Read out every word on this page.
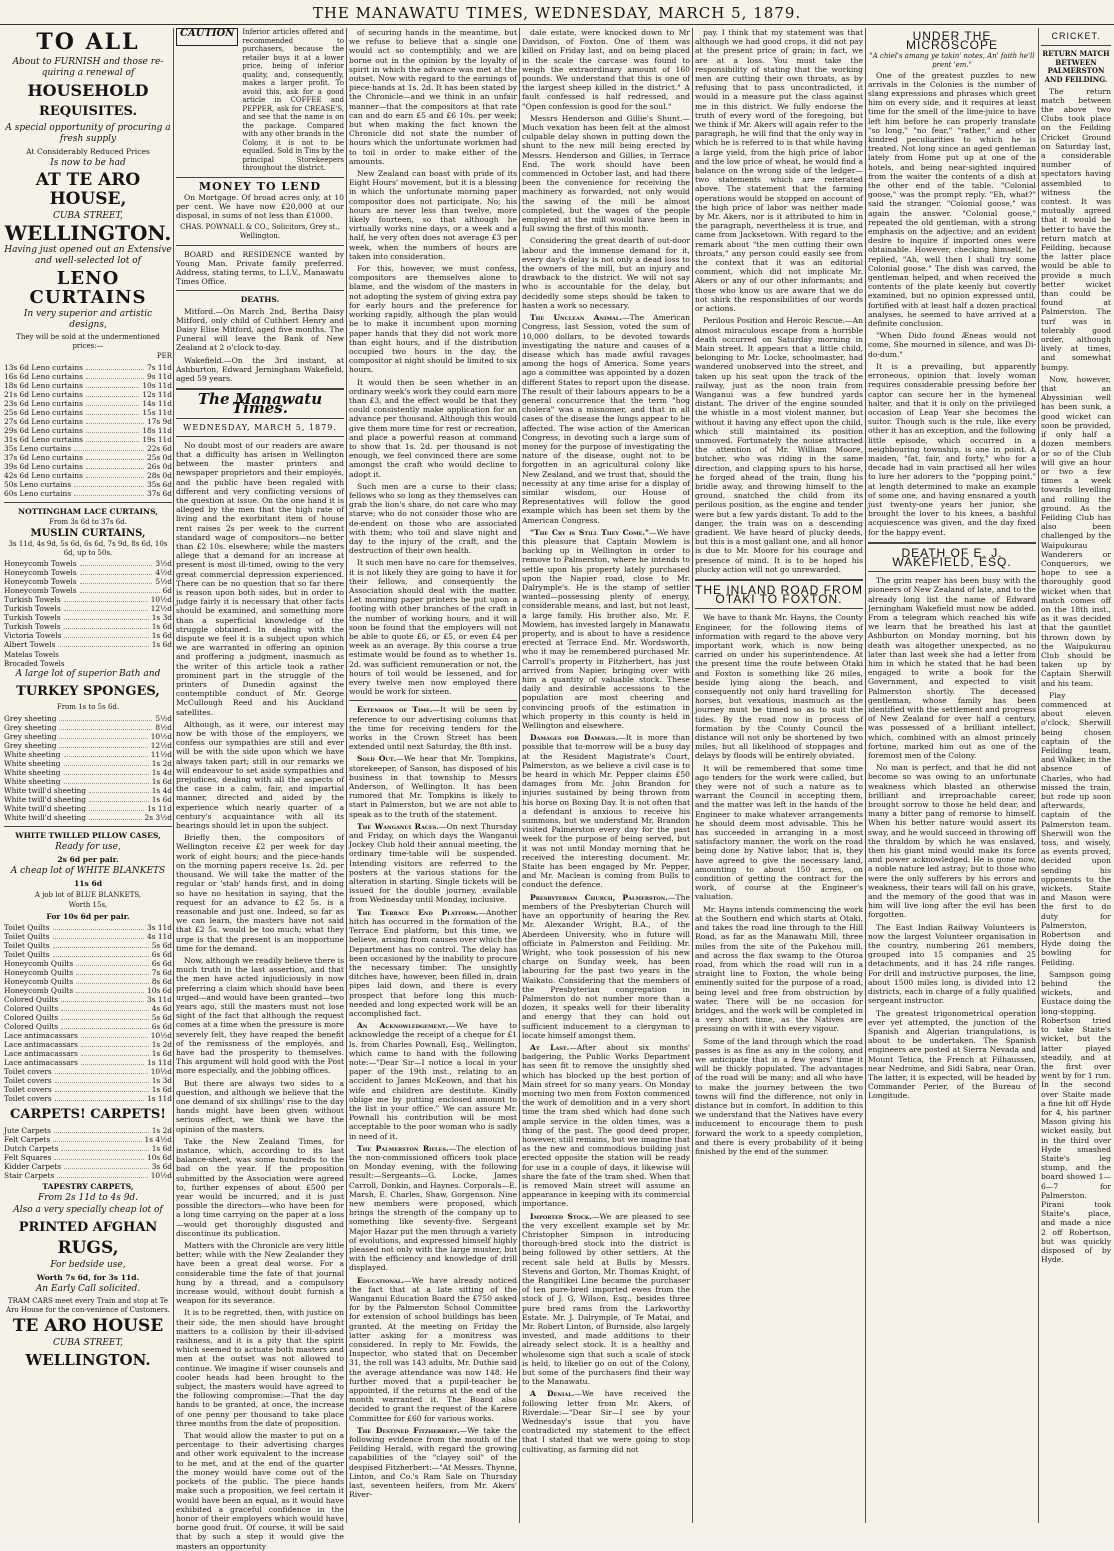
THE MANAWATU TIMES, WEDNESDAY, MARCH 5, 1879.
TO ALL
About to FURNISH and those re-quiring a renewal of
HOUSEHOLD
REQUISITES.
A special opportunity of procuring a fresh supply
At Considerably Reduced Prices
Is now to be had
AT TE ARO HOUSE,
CUBA STREET,
WELLINGTON.
Having just opened out an Extensive and well-selected lot of
LENO CURTAINS
In very superior and artistic designs,
They will be sold at the undermentioned prices:—
PER
13s 6d Leno curtains	7s 11d
16s 6d Leno curtains	9s 11d
18s 6d Leno curtains	10s 11d
21s 6d Leno curtains	12s 11d
23s 6d Leno curtains	14s 11d
25s 6d Leno curtains	15s 11d
27s 6d Leno curtains	17s 9d
29s 6d Leno curtains	18s 11d
31s 6d Leno curtains	19s 11d
35s Leno curtains	22s 6d
37s 6d Leno curtains	25s 0d
39s 6d Leno curtains	26s 0d
42s 6d Leno curtains	28s 0d
50s Leno curtains	35s 6d
60s Leno curtains	37s 6d
NOTTINGHAM LACE CURTAINS,
From 3s 6d to 37s 6d.
MUSLIN CURTAINS,
3s 11d, 4s 9d, 5s 6d, 6s 6d, 7s 9d, 8s 6d, 10s 6d, up to 50s.
Honeycomb Towels	3½d
Honeycomb Towels	4½d
Honeycomb Towels	5½d
Honeycomb Towels	6d
Turkish Towels	10½d
Turkish Towels	12½d
Turkish Towels	1s 3d
Turkish Towels	1s 6d
Victoria Towels	1s 6d
Albert Towels	1s 6d
Matelas Towels
Brocaded Towels
A large lot of superior Bath and
TURKEY SPONGES,
From 1s to 5s 6d.
Grey sheeting	5½d
Grey sheeting	8½d
Grey sheeting	10½d
Grey sheeting	12½d
White sheeting	11½d
White sheeting	1s 2d
White sheeting	1s 4d
White sheeting	1s 6d
White twill'd sheeting	1s 4d
White twill'd sheeting	1s 6d
White twill'd sheeting	1s 11d
White twill'd sheeting	2s 3½d
WHITE TWILLED PILLOW CASES,
Ready for use,
2s 6d per pair.
A cheap lot of WHITE BLANKETS
11s 6d
A job lot of BLUE BLANKETS,
Worth 15s,
For 10s 6d per pair.
Toilet Quilts	3s 11d
Toilet Quilts	4s 11d
Toilet Quilts	5s 6d
Toilet Quilts	6s 6d
Honeycomb Quilts	6s 6d
Honeycomb Quilts	7s 6d
Honeycomb Quilts	8s 6d
Honeycomb Quilts	10s 6d
Colored Quilts	3s 11d
Colored Quilts	4s 6d
Colored Quilts	5s 6d
Colored Quilts	6s 6d
Lace antimacassars	10½d
Lace antimacassars	1s 2d
Lace antimacassars	1s 6d
Lace antimacassars	1s 11d
Toilet covers	10½d
Toilet covers	1s 3d
Toilet covers	1s 6d
Toilet covers	1s 11d
CARPETS! CARPETS!
Jute Carpets	1s 2d
Felt Carpets	1s 4½d
Dutch Carpets	1s 6d
Felt Squares	10s 6d
Kidder Carpets	3s 6d
Stair Carpets	10½d
TAPESTRY CARPETS,
From 2s 11d to 4s 9d.
Also a very specially cheap lot of
PRINTED AFGHAN
RUGS,
For bedside use,
Worth 7s 6d, for 3s 11d.
An Early Call solicited.
TRAM CARS meet every Train and stop at Te Aro House for the con-venience of Customers.
TE ARO HOUSE
CUBA STREET,
WELLINGTON.
CAUTION	Inferior articles offered and recommended to purchasers, because the retailer buys it at a lower price, being of inferior quality, and, consequently, makes a larger profit. To avoid this, ask for a good article in COFFEE and PEPPER, ask for CREASE'S, and see that the name is on the package. Compared with any other brands in the Colony, it is not to be equalled. Sold in Tins by the principal Storekeepers throughout the district.
MONEY TO LEND

On Mortgage. Of broad acres only, at 10 per cent. We have now £20,000 at our disposal, in sums of not less than £1000.

CHAS. POWNALL & CO., Solicitors, Grey st., Wellington.

BOARD and RESIDENCE wanted by Young Man. Private family preferred. Address, stating terms, to L.I.V., Manawatu Times Office.

DEATHS.

Mitford.—On March 2nd, Bertha Daisy Mitford, only child of Cuthbert Henry and Daisy Elise Mitford, aged five months. The Funeral will leave the Bank of New Zealand at 2 o'clock to-day.

Wakefield.—On the 3rd instant, at Ashburton, Edward Jerningham Wakefield, aged 59 years.

The Manawatu Times.
WEDNESDAY, MARCH 5, 1879.

No doubt most of our readers are aware that a difficulty has arisen in Wellington between the master printers and newspaper proprietors and their employés, and the public have been regaled with different and very conflicting versions of the question at issue. On the one hand it is alleged by the men that the high rate of living and the exorbitant item of house rent raises 2s per week to the current standard wage of compositors—no better than £2 10s. elsewhere; while the masters allege that a demand for an increase at present is most ill-timed, owing to the very great commercial depression experienced. There can be no question that so far there is reason upon both sides, but in order to judge fairly it is necessary that other facts should be examined, and something more than a superficial knowledge of the struggle obtained. In dealing with the dispute we feel it is a subject upon which we are warranted in offering an opinion and proffering a judgment, inasmuch as the writer of this article took a rather prominent part in the struggle of the printers of Dunedin against the contemptible conduct of Mr. George McCullough Reed and his Auckland satellites.

Although, as it were, our interest may now be with those of the employers, we confess our sympathies are still and ever will be with the side upon which we have always taken part; still in our remarks we will endeavour to set aside sympathies and prejudices, dealing with all the aspects of the case in a calm, fair, and impartial manner, directed and aided by the experience which nearly quarter of a century's acquaintance with all its bearings should let in upon the subject.

Briefly then, the compositors of Wellington receive £2 per week for day work of eight hours; and the piece-hands on the morning papers receive 1s. 2d. per thousand. We will take the matter of the regular or 'stab' hands first, and in doing so have no hesitation in saying, that the request for an advance to £2 5s. is a reasonable and just one. Indeed, so far as we can learn, the masters have not said that £2 5s. would be too much; what they urge is that the present is an inopportune time for the demand.

Now, although we readily believe there is much truth in the last assertion, and that the men have acted injudiciously in now preferring a claim which should have been urged—and would have been granted—two years ago, still the masters must not lose sight of the fact that although the request comes at a time when the pressure is more severely felt, they have reaped the benefit of the remissness of the employés, and have had the prosperity to themselves. This argument will hold good with the Post more especially, and the jobbing offices.

But there are always two sides to a question, and although we believe that the one demand of six shillings' rise to the day hands might have been given without serious effect, we think we have the opinion of the masters.

Take the New Zealand Times, for instance, which, according to its last balance-sheet, was some hundreds to the bad on the year. If the proposition submitted by the Association were agreed to, further expenses of about £500 per year would be incurred, and it is just possible the directors—who have been for a long time carrying on the paper at a loss—would get thoroughly disgusted and discontinue its publication.

Matters with the Chronicle are very little better; while with the New Zealander they have been a great deal worse. For a considerable time the fate of that journal hung by a thread, and a compulsory increase would, without doubt furnish a weapon for its severance.

It is to be regretted, then, with justice on their side, the men should have brought matters to a collision by their ill-advised rashness, and it is a pity that the spirit which seemed to actuate both masters and men at the outset was not allowed to continue. We imagine if wiser counsels and cooler heads had been brought to the subject, the masters would have agreed to the following compromise:—That the day hands to be granted, at once, the increase of one penny per thousand to take place three months from the date of proposition.

That would allow the master to put on a percentage to their advertising charges and other work equivalent to the increase to be met, and at the end of the quarter the money would have come out of the pockets of the public. The piece hands make such a proposition, we feel certain it would have been an equal, as it would have exhibited a graceful confidence in the honor of their employers which would have borne good fruit. Of course, it will be said that by such a step it would give the masters an opportunity

of securing hands in the meantime, but we refuse to believe that a single one would act so contemptibly, and we are borne out in the opinion by the loyalty of spirit in which the advance was met at the outset. Now with regard to the earnings of piece-hands at 1s. 2d. It has been stated by the Chronicle—and we think in an unfair manner—that the compositors at that rate can and do earn £5 and £6 10s. per week; but when making the fact known the Chronicle did not state the number of hours which the unfortunate workmen had to toil in order to make either of the amounts.

New Zealand can boast with pride of its Eight Hours' movement, but it is a blessing in which the unfortunate morning paper compositor does not participate. No; his hours are never less than twelve, more likely fourteen, so that although he virtually works nine days, or a week and a half, he very often does not average £3 per week, when the numbers of hours are taken into consideration.

For this, however, we must confess, compositors are themselves alone to blame, and the wisdom of the masters in not adopting the system of giving extra pay for early hours and the preference for working rapidly, although the plan would be to make it incumbent upon morning paper hands that they did not work more than eight hours, and if the distribution occupied two hours in the day, the compositor at night should be limited to six hours.

It would then be seen whether in an ordinary week's work they could earn more than £3, and the effect would be that they could consistently make application for an advance per thousand. Although this would give them more time for rest or recreation, and place a powerful reason at command to show that 1s. 2d. per thousand is not enough, we feel convinced there are some amongst the craft who would decline to adopt it.

Such men are a curse to their class; fellows who so long as they themselves can grab the lion's share, do not care who may starve; who do not consider those who are de-endent on those who are associated with them; who toil and slave night and day to the injury of the craft, and the destruction of their own health.

It such men have no care for themselves, it is not likely they are going to have it for their fellows, and consequently the Association should deal with the matter. Let morning paper printers be put upon a footing with other branches of the craft in the number of working hours, and it will soon be found that the employers will not be able to quote £6, or £5, or even £4 per week as an average. By this course a true estimate would be found as to whether 1s. 2d. was sufficient remuneration or not, the hours of toil would be lessened, and for every twelve men now employed there would be work for sixteen.

Extension of Time.—It will be seen by reference to our advertising columns that the time for receiving tenders for the works in the Crown Street has been extended until next Saturday, the 8th inst.

Sold Out.—We hear that Mr. Tompkins, storekeeper, of Sanson, has disposed of his business in that township to Messrs Anderson, of Wellington. It has been rumored that Mr. Tompkins is likely to start in Palmerston, but we are not able to speak as to the truth of the statement.

The Wanganui Races.—On next Thursday and Friday, on which days the Wanganui Jockey Club hold their annual meeting, the ordinary time-table will be suspended. Intending visitors are referred to the posters at the various stations for the alteration in starting. Single tickets will be issued for the double journey, available from Wednesday until Monday, inclusive.

The Terrace End Platform.—Another hitch has occurred in the formation of the Terrace End platform, but this time, we believe, arising from causes over which the Department has no control. The delay has been occasioned by the inability to procure the necessary timber. The unsightly ditches have, however, been filled in, drain pipes laid down, and there is every prospect that before long this much-needed and long expected work will be an accomplished fact.

An Acknowledgement.—We have to acknowledge the receipt of a cheque for £1 ls. from Charles Pownall, Esq., Wellington, which came to hand with the following note:—"Dear Sir—I notice a local in your paper of the 19th inst., relating to an accident to James McKeown, and that his wife and children are destitute. Kindly oblige me by putting enclosed amount to the list in your office." We can assure Mr. Pownall his contribution will be most acceptable to the poor woman who is sadly in need of it.

The Palmerston Rifles.—The election of the non-commissioned officers took place on Monday evening, with the following result:—Sergeants—G. Locke, James Carroll, Donkin, and Haynes. Corporals—E. Marsh, E. Charles, Shaw, Gorgenson. Nine new members were proposed, which brings the strength of the company up to something like seventy-five. Sergeant Major Hazar put the men through a variety of evolutions, and expressed himself highly pleased not only with the large muster, but with the efficiency and knowledge of drill displayed.

Educational.—We have already noticed the fact that at a late sitting of the Wanganui Education Board the £750 asked for by the Palmerston School Committee for extension of school buildings has been granted. At the meeting on Friday the latter asking for a monitress was considered. In reply to Mr. Fowlds, the Inspector, who stated that on December 31, the roll was 143 adults, Mr. Duthie said the average attendance was now 148. He further moved that a pupil-teacher be appointed, if the returns at the end of the month warranted it. The Board also decided to grant the request of the Karere Committee for £60 for various works.

The Destined Fitzherbert.—We take the following evidence from the mouth of the Feilding Herald, with regard the growing capabilities of the "clayey soil" of the despised Fitzherbert:—"At Messrs. Thynne, Linton, and Co.'s Ram Sale on Thursday last, seventeen heifers, from Mr. Akers' River-

dale estate, were knocked down to Mr Davidson, of Foxton. One of them was killed on Friday last, and on being placed in the scale the carcase was found to weigh the extraordinary amount of 160 pounds. We understand that this is one of the largest sheep killed in the district." A fault confessed is half redressed, and "Open confession is good for the soul."

Messrs Henderson and Gillie's Shunt.—Much vexation has been felt at the almost culpable delay shown in putting down the shunt to the new mill being erected by Messrs. Henderson and Gillies, in Terrace End. The work should have been commenced in October last, and had there been the convenience for receiving the machinery as forwarded, not only would the sawing of the mill be almost completed, but the wages of the people employed at the mill would have been in full swing the first of this month.

Considering the great dearth of out-door labour and the immense demand for it, every day's delay is not only a dead loss to the owners of the mill, but an injury and drawback to the district. We will not say who is accountable for the delay, but decidedly some steps should be taken to hasten a work so necessary.

The Unclean Animal.—The American Congress, last Session, voted the sum of 10,000 dollars, to be devoted towards investigating the nature and causes of a disease which has made awful ravages among the hogs of America. Some years ago a committee was appointed by a dozen different States to report upon the disease. The result of their labours appears to be a general concurrence that the term "hog cholera" was a misnomer, and that in all cases of the disease the lungs appear to be affected. The wise action of the American Congress, in devoting such a large sum of money for the purpose of investigating the nature of the disease, ought not to be forgotten in an agricultural colony like New Zealand, and we trust that, should the necessity at any time arise for a display of similar wisdom, our House of Representatives will follow the good example which has been set them by the American Congress.

"The Cry is Still They Come."—We have this pleasure that Captain Mowlem is backing up in Wellington in order to remove to Palmerston, where he intends to settle upon his property lately purchased upon the Napier road, close to Mr. Dalrymple's. He is the stamp of settler wanted—possessing plenty of energy, considerable means, and last, but not least, a large family. His brother also, Mr. F. Mowlem, has invested largely in Manawatu property, and is about to have a residence erected at Terrace End. Mr. Wordsworth, who it may be remembered purchased Mr. Carroll's property in Fitzherbert, has just arrived from Napier, bringing over with him a quantity of valuable stock. These daily and desirable accessions to the population are most cheering and convincing proofs of the estimation in which property in this county is held in Wellington and elsewhere.

Damages for Damages.—It is more than possible that to-morrow will be a busy day at the Resident Magistrate's Court, Palmerston, as we believe a civil case is to be heard in which Mr. Pepper claims £50 damages from Mr. John Brandon for injuries sustained by being thrown from his horse on Boxing Day. It is not often that a defendant is anxious to receive his summons, but we understand Mr. Brandon visited Palmerston every day for the past week for the purpose of being served, but it was not until Monday morning that he received the interesting document. Mr. Staite has been engaged by Mr. Pepper, and Mr. Maclean is coming from Bulls to conduct the defence.

Presbyterian Church, Palmerston.—The members of the Presbyterian Church will have an opportunity of hearing the Rev. Mr. Alexander Wright, B.A., of the Aberdeen University, who in future will officiate in Palmerston and Feilding. Mr. Wright, who took possession of his new charge on Sunday week, has been labouring for the past two years in the Waikato. Considering that the members of the Presbyterian congregation in Palmerston do not number more than a dozen, it speaks well for their liberality and energy that they can hold out sufficient inducement to a clergyman to locate himself amongst them.

At Last.—After about six months' badgering, the Public Works Department has seen fit to remove the unsightly shed which has blocked up the best portion of Main street for so many years. On Monday morning two men from Foxton commenced the work of demolition and in a very short time the tram shed which had done such ample service in the olden times, was a thing of the past. The good deed proper, however, still remains, but we imagine that as the new and commodious building just erected opposite the station will be ready for use in a couple of days, it likewise will share the fate of the tram shed. When that is removed Main street will assume an appearance in keeping with its commercial importance.

Imported Stock.—We are pleased to see the very excellent example set by Mr. Christopher Simpson in introducing thorough-bred stock into the district is being followed by other settlers. At the recent sale held at Bulls by Messrs. Stevens and Gorton, Mr. Thomas Knight, of the Rangitikei Line became the purchaser of ten pure-bred imported ewes from the stock of J. G. Wilson, Esq., besides three pure bred rams from the Larkworthy Estate. Mr. J. Dalrymple, of Te Matai, and Mr. Robert Linton, of Burnside, also largely invested, and made additions to their already select stock. It is a healthy and wholesome sign that such a scale of stock is held, to likelier go on out of the Colony, but some of the purchasers find their way to the Manawatu.

A Denial.—We have received the following letter from Mr. Akers, of Riverdale:—"Dear Sir—I see by your Wednesday's issue that you have contradicted my statement to the effect that I stated that we were going to stop cultivating, as farming did not

pay. I think that my statement was that although we had good crops, it did not pay at the present price of grain; in fact, we are at a loss. You must take the responsibility of stating that the working men are cutting their own throats, as by refusing that to pass uncontradicted, it would in a measure put the class against me in this district. We fully endorse the truth of every word of the foregoing, but we think if Mr. Akers will again refer to the paragraph, he will find that the only way in which he is referred to is that while having a large yield, from the high price of labor and the low price of wheat, he would find a balance on the wrong side of the ledger—two statements which are reiterated above. The statement that the farming operations would be stopped on account of the high price of labor was neither made by Mr. Akers, nor is it attributed to him in the paragraph, nevertheless it is true, and came from Jacksetown. With regard to the remark about "the men cutting their own throats," any person could easily see from the context that it was an editorial comment, which did not implicate Mr. Akers or any of our other informants; and those who know us are aware that we do not shirk the responsibilities of our words or actions.

Perilous Position and Heroic Rescue.—An almost miraculous escape from a horrible death occurred on Saturday morning in Main street. It appears that a little child, belonging to Mr. Locke, schoolmaster, had wandered unobserved into the street, and taken up his seat upon the track of the railway, just as the noon train from Wanganui was a few hundred yards distant. The driver of the engine sounded the whistle in a most violent manner, but without it having any effect upon the child, which still maintained its position unmoved. Fortunately the noise attracted the attention of Mr. William Moore, butcher, who was riding in the same direction, and clapping spurs to his horse, he forged ahead of the train, flung his bridle away, and throwing himself to the ground, snatched the child from its perilous position, as the engine and tender were but a few yards distant. To add to the danger, the train was on a descending gradient. We have heard of plucky deeds, but this is a most gallant one, and all honor is due to Mr. Moore for his courage and presence of mind. It is to be hoped his plucky action will not go unrewarded.

THE INLAND ROAD FROM OTAKI TO FOXTON.

We have to thank Mr. Hayns, the County Engineer, for the following items of information with regard to the above very important work, which is now being carried on under his superintendence. At the present time the route between Otaki and Foxton is something like 26 miles, beside lying along the beach, and consequently not only hard travelling for horses, but vexatious, inasmuch as the journey must be timed so as to suit the tides. By the road now in process of formation by the County Council the distance will not only be shortened by two miles, but all likelihood of stoppages and delays by floods will be entirely obviated.

It will be remembered that some time ago tenders for the work were called, but they were not of such a nature as to warrant the Council in accepting them, and the matter was left in the hands of the Engineer to make whatever arrangements he should deem most advisable. This he has succeeded in arranging in a most satisfactory manner, the work on the road being done by Native labor, that is, they have agreed to give the necessary land, amounting to about 150 acres, on condition of getting the contract for the work, of course at the Engineer's valuation.

Mr. Hayns intends commencing the work at the Southern end which starts at Otaki, and takes the road line through to the Hill Road, as far as the Manawatu Mill, three miles from the site of the Pukehou mill, and across the flax swamp to the Oturoa road, from which the road will run in a straight line to Foxton, the whole being eminently suited for the purpose of a road, being level and free from obstruction by water. There will be no occasion for bridges, and the work will be completed in a very short time, as the Natives are pressing on with it with every vigour.

Some of the land through which the road passes is as fine as any in the colony, and we anticipate that in a few years' time it will be thickly populated. The advantages of the road will be many; and all who have to make the journey between the two towns will find the difference, not only in distance but in comfort. In addition to this we understand that the Natives have every inducement to encourage them to push forward the work to a speedy completion, and there is every probability of it being finished by the end of the summer.

UNDER THE MICROSCOPE
"A chiel's amang ye takin' notes, An' faith he'll prent 'em."

One of the greatest puzzles to new arrivals in the Colonies is the number of slang expressions and phrases which greet him on every side, and it requires at least time for the smell of the lime-juice to have left him before he can properly translate "so long," "no fear," "rather," and other kindred peculiarities to which he is treated. Not long since an aged gentleman lately from Home put up at one of the hotels, and being near-sighted inquired from the waiter the contents of a dish at the other end of the table. "Colonial goose," was the prompt reply. "Eh, what?" said the stranger. "Colonial goose," was again the answer. "Colonial goose," repeated the old gentleman, with a strong emphasis on the adjective; and an evident desire to inquire if imported ones were obtainable. However, checking himself, he replied, "Ah, well then I shall try some Colonial goose." The dish was carved, the gentleman helped, and when received the contents of the plate keenly but covertly examined, but no opinion expressed until, fortified with at least half a dozen practical analyses, he seemed to have arrived at a definite conclusion.

"When Dido found Æneas would not come, She mourned in silence, and was Di-do-dum."

It is a prevailing, but apparently erroneous, opinion that lovely woman requires considerable pressing before her captor can secure her in the hymeneal halter, and that it is only on the privileged occasion of Leap Year she becomes the suitor. Though such is the rule, like every other it has an exception, and the following little episode, which occurred in a neighbouring township, is one in point. A maiden, "fat, fair, and forty," who for a decade had in vain practised all her wiles to lure her adorers to the "popping point," at length determined to make an example of some one, and having ensnared a youth just twenty-one years her junior, she brought the lover to his knees, a bashful acquiescence was given, and the day fixed for the happy event.

DEATH OF E. J. WAKEFIELD, ESQ.

The grim reaper has been busy with the pioneers of New Zealand of late, and to the already long list the name of Edward Jerningham Wakefield must now be added. From a telegram which reached his wife we learn that he breathed his last at Ashburton on Monday morning, but his death was altogether unexpected, as no later than last week she had a letter from him in which he stated that he had been engaged to write a book for the Government, and expected to visit Palmerston shortly. The deceased gentleman, whose family has been identified with the settlement and progress of New Zealand for over half a century, was possessed of a brilliant intellect, which, combined with an almost princely fortune, marked him out as one of the foremost men of the Colony.

No man is perfect, and that he did not become so was owing to an unfortunate weakness which blasted an otherwise brilliant and irreproachable career, brought sorrow to those he held dear, and many a bitter pang of remorse to himself. When his better nature would assert its sway, and he would succeed in throwing off the thraldom by which he was enslaved, then his giant mind would make its force and power acknowledged. He is gone now, a noble nature led astray; but to those who were the only sufferers by his errors and weakness, their tears will fall on his grave, and the memory of the good that was in him will live long after the evil has been forgotten.

The East Indian Railway Volunteers is now the largest Volunteer organisation in the country, numbering 261 members, grouped into 15 companies and 25 detachments, and it has 24 rifle ranges. For drill and instructive purposes, the line, about 1500 miles long, is divided into 12 districts, each in charge of a fully qualified sergeant instructor.

The greatest trigonometrical operation ever yet attempted, the junction of the Spanish and Algerian triangulations, is about to be undertaken. The Spanish engineers are posted at Sierra Nevada and Mount Tetica, the French at Filhaussen, near Nedrome, and Sidi Sabra, near Oran. The latter, it is expected, will be headed by Commander Perier, of the Bureau of Longitude.

CRICKET.
RETURN MATCH BETWEEN PALMERSTON AND FEILDING.

The return match between the above two Clubs took place on the Feilding Cricket Ground on Saturday last, a considerable number of spectators having assembled to witness the contest. It was mutually agreed that it would be better to have the return match at Feilding, because the latter place would be able to provide a much better wicket than could be found at Palmerston. The turf was in tolerably good order, although lively at times, and somewhat bumpy.

Now, however, that an Abyssinian well has been sunk, a good wicket can soon be provided, if only half a dozen members or so of the Club will give an hour or two a few times a week towards levelling and rolling the ground. As the Feilding Club has also been challenged by the Waipukurau Wanderers or Conquerors, we hope to see a thoroughly good wicket when that match comes off on the 18th inst., as it was decided that the gauntlet thrown down by the Waipukurau Club should be taken up by Captain Sherwill and his team.

Play commenced at about eleven o'clock, Sherwill being chosen captain of the Feilding team, and Walker, in the absence of Charles, who had missed the train, but rode up soon afterwards, captain of the Palmerston team. Sherwill won the toss, and wisely, as events proved, decided upon sending his opponents to the wickets. Staite and Mason were the first to do duty for Palmerston, Robertson and Hyde doing the bowling for Feilding.

Sampson going behind the wickets, and Eustace doing the long-stopping. Robertson tried to take Staite's wicket, but the latter played steadily, and at the first over went by for 1 run. In the second over Staite made a fine hit off Hyde for 4, his partner Mason giving his wicket easily, but in the third over Hyde smashed Staite's leg stump, and the board showed 1—6—7 for Palmerston. Pirani took Staite's place, and made a nice 2 off Robertson, but was quickly disposed of by Hyde.
